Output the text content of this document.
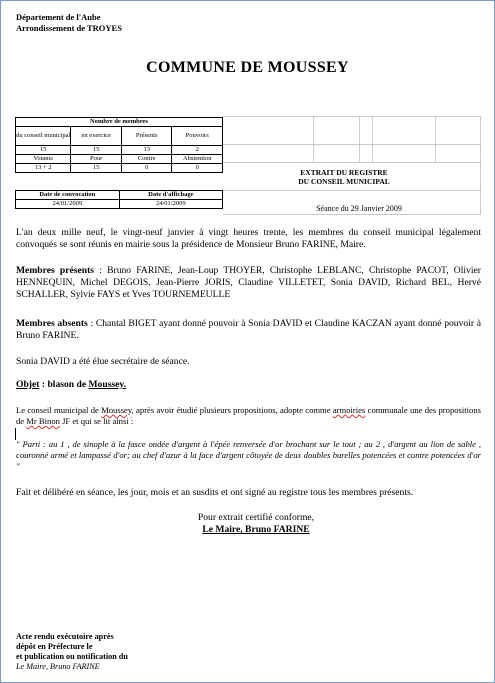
Département de l'Aube
Arrondissement de TROYES
COMMUNE DE MOUSSEY
Nombre de membres			
du conseil municipal	en exercice	Présents	Pouvoirs
15	15	13	2
Votants	Pour	Contre	Abstention
13 + 2	15	0	0
Date de convocation	Date d'affichage
24/01/2009	24/01/2009
EXTRAIT DU REGISTRE
DU CONSEIL MUNICIPAL
Séance du 29 Janvier 2009
L'an deux mille neuf, le vingt-neuf janvier à vingt heures trente, les membres du conseil municipal légalement convoqués se sont réunis en mairie sous la présidence de Monsieur Bruno FARINE, Maire.
Membres présents : Bruno FARINE, Jean-Loup THOYER, Christophe LEBLANC, Christophe PACOT, Olivier HENNEQUIN, Michel DEGOIS, Jean-Pierre JORIS, Claudine VILLETET, Sonia DAVID, Richard BEL, Hervé SCHALLER, Sylvie FAYS et Yves TOURNEMEULLE
Membres absents : Chantal BIGET ayant donné pouvoir à Sonia DAVID et Claudine KACZAN ayant donné pouvoir à Bruno FARINE.
Sonia DAVID a été élue secrétaire de séance.
Objet : blason de Moussey.
Le conseil municipal de Moussey, après avoir étudié plusieurs propositions, adopte comme armoiries communale une des propositions de Mr Binon JF et qui se lit ainsi :
" Parti : au 1 , de sinople à la fasce ondée d'argent à l'épée renversée d'or brochant sur le tout ; au 2 , d'argent au lion de sable , couronné armé et lampassé d'or; au chef d'azur à la face d'argent côtoyée de deux doubles burelles potencées et contre potencées d'or "
Fait et délibéré en séance, les jour, mois et an susdits et ont signé au registre tous les membres présents.
Pour extrait certifié conforme,
Le Maire, Bruno FARINE
Acte rendu exécutoire après
dépôt en Préfecture le
et publication ou notification du
Le Maire, Bruno FARINE
